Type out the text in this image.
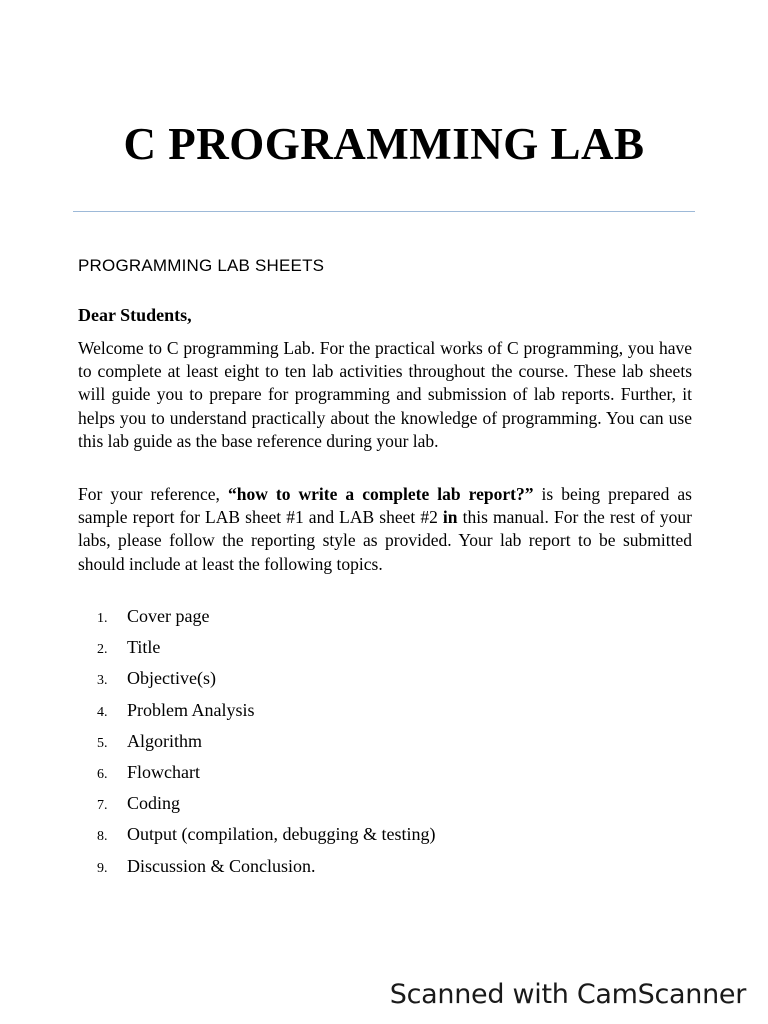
C PROGRAMMING LAB
PROGRAMMING LAB SHEETS
Dear Students,

Welcome to C programming Lab. For the practical works of C programming, you have to complete at least eight to ten lab activities throughout the course. These lab sheets will guide you to prepare for programming and submission of lab reports. Further, it helps you to understand practically about the knowledge of programming. You can use this lab guide as the base reference during your lab.

For your reference, “how to write a complete lab report?” is being prepared as sample report for LAB sheet #1 and LAB sheet #2 in this manual. For the rest of your labs, please follow the reporting style as provided. Your lab report to be submitted should include at least the following topics.

1.	Cover page
2.	Title
3.	Objective(s)
4.	Problem Analysis
5.	Algorithm
6.	Flowchart
7.	Coding
8.	Output (compilation, debugging & testing)
9.	Discussion & Conclusion.
Scanned with CamScanner
